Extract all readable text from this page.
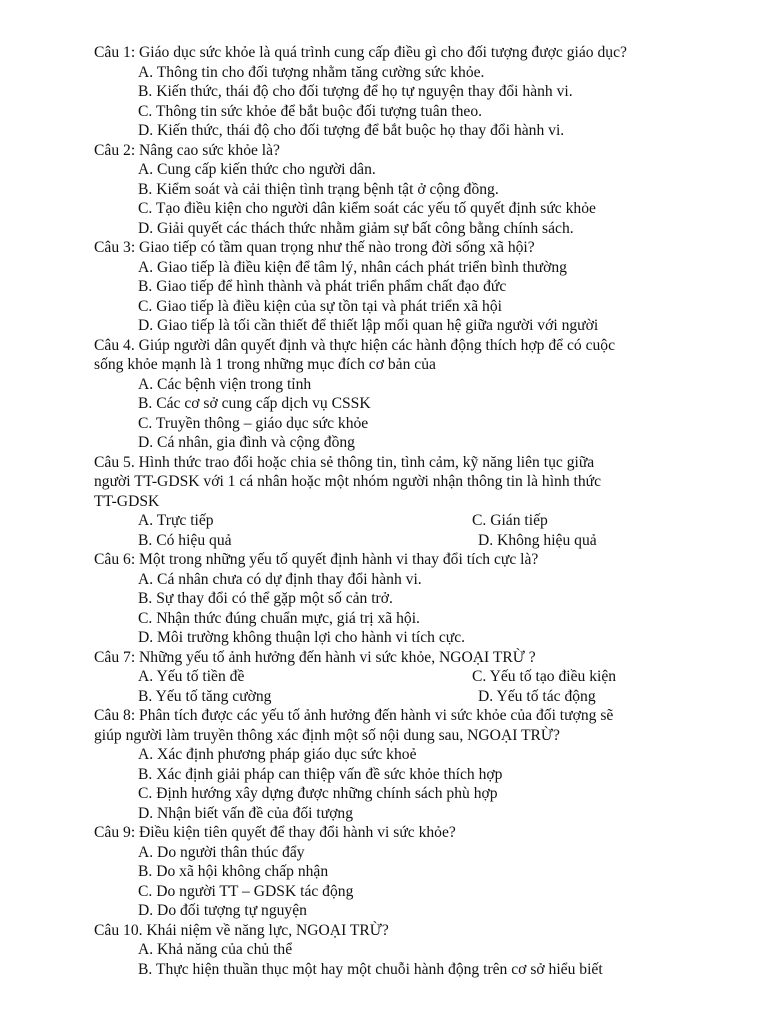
Câu 1: Giáo dục sức khỏe là quá trình cung cấp điều gì cho đối tượng được giáo dục?
A. Thông tin cho đối tượng nhằm tăng cường sức khỏe.
B. Kiến thức, thái độ cho đối tượng để họ tự nguyện thay đổi hành vi.
C. Thông tin sức khỏe để bắt buộc đối tượng tuân theo.
D. Kiến thức, thái độ cho đối tượng để bắt buộc họ thay đổi hành vi.
Câu 2: Nâng cao sức khỏe là?
A. Cung cấp kiến thức cho người dân.
B. Kiểm soát và cải thiện tình trạng bệnh tật ở cộng đồng.
C. Tạo điều kiện cho người dân kiểm soát các yếu tố quyết định sức khỏe
D. Giải quyết các thách thức nhằm giảm sự bất công bằng chính sách.
Câu 3: Giao tiếp có tầm quan trọng như thế nào trong đời sống xã hội?
A. Giao tiếp là điều kiện để tâm lý, nhân cách phát triển bình thường
B. Giao tiếp để hình thành và phát triển phẩm chất đạo đức
C. Giao tiếp là điều kiện của sự tồn tại và phát triển xã hội
D. Giao tiếp là tối cần thiết để thiết lập mối quan hệ giữa người với người
Câu 4. Giúp người dân quyết định và thực hiện các hành động thích hợp để có cuộc
sống khỏe mạnh là 1 trong những mục đích cơ bản của
A. Các bệnh viện trong tỉnh
B. Các cơ sở cung cấp dịch vụ CSSK
C. Truyền thông – giáo dục sức khỏe
D. Cá nhân, gia đình và cộng đồng
Câu 5. Hình thức trao đổi hoặc chia sẻ thông tin, tình cảm, kỹ năng liên tục giữa
người TT-GDSK với 1 cá nhân hoặc một nhóm người nhận thông tin là hình thức
TT-GDSK
A. Trực tiếp	C. Gián tiếp
B. Có hiệu quả	D. Không hiệu quả
Câu 6: Một trong những yếu tố quyết định hành vi thay đổi tích cực là?
A. Cá nhân chưa có dự định thay đổi hành vi.
B. Sự thay đổi có thể gặp một số cản trở.
C. Nhận thức đúng chuẩn mực, giá trị xã hội.
D. Môi trường không thuận lợi cho hành vi tích cực.
Câu 7: Những yếu tố ảnh hưởng đến hành vi sức khỏe, NGOẠI TRỪ ?
A. Yếu tố tiền đề	C. Yếu tố tạo điều kiện
B. Yếu tố tăng cường	D. Yếu tố tác động
Câu 8: Phân tích được các yếu tố ảnh hưởng đến hành vi sức khỏe của đối tượng sẽ
giúp người làm truyền thông xác định một số nội dung sau, NGOẠI TRỪ?
A. Xác định phương pháp giáo dục sức khoẻ
B. Xác định giải pháp can thiệp vấn đề sức khỏe thích hợp
C. Định hướng xây dựng được những chính sách phù hợp
D. Nhận biết vấn đề của đối tượng
Câu 9: Điều kiện tiên quyết để thay đổi hành vi sức khỏe?
A. Do người thân thúc đẩy
B. Do xã hội không chấp nhận
C. Do người TT – GDSK tác động
D. Do đối tượng tự nguyện
Câu 10. Khái niệm về năng lực, NGOẠI TRỪ?
A. Khả năng của chủ thể
B. Thực hiện thuần thục một hay một chuỗi hành động trên cơ sở hiểu biết
